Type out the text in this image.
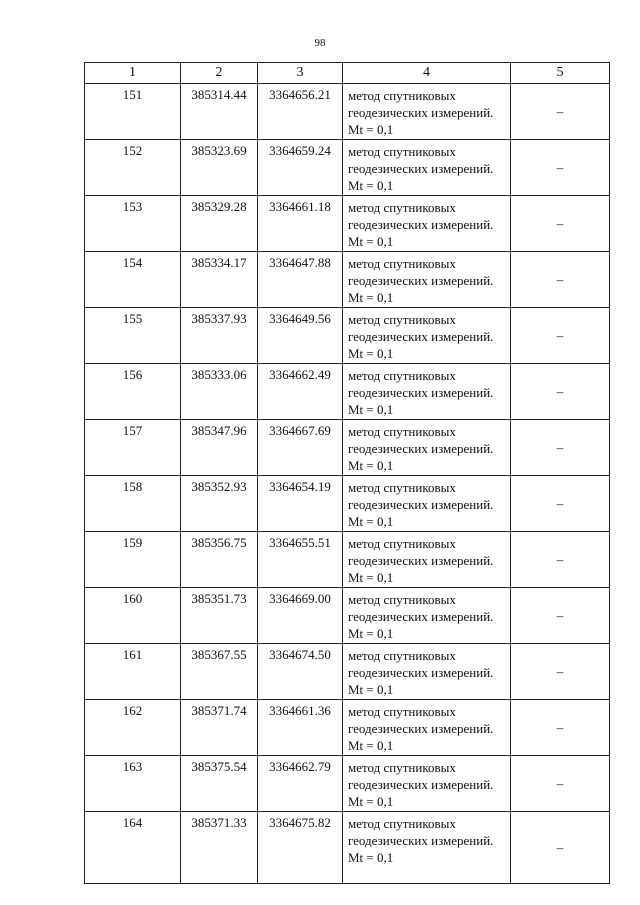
98
1	2	3	4	5
151	385314.44	3364656.21	метод спутниковых геодезических измерений. Mt = 0,1	–
152	385323.69	3364659.24	метод спутниковых геодезических измерений. Mt = 0,1	–
153	385329.28	3364661.18	метод спутниковых геодезических измерений. Mt = 0,1	–
154	385334.17	3364647.88	метод спутниковых геодезических измерений. Mt = 0,1	–
155	385337.93	3364649.56	метод спутниковых геодезических измерений. Mt = 0,1	–
156	385333.06	3364662.49	метод спутниковых геодезических измерений. Mt = 0,1	–
157	385347.96	3364667.69	метод спутниковых геодезических измерений. Mt = 0,1	–
158	385352.93	3364654.19	метод спутниковых геодезических измерений. Mt = 0,1	–
159	385356.75	3364655.51	метод спутниковых геодезических измерений. Mt = 0,1	–
160	385351.73	3364669.00	метод спутниковых геодезических измерений. Mt = 0,1	–
161	385367.55	3364674.50	метод спутниковых геодезических измерений. Mt = 0,1	–
162	385371.74	3364661.36	метод спутниковых геодезических измерений. Mt = 0,1	–
163	385375.54	3364662.79	метод спутниковых геодезических измерений. Mt = 0,1	–
164	385371.33	3364675.82	метод спутниковых геодезических измерений. Mt = 0,1	–
